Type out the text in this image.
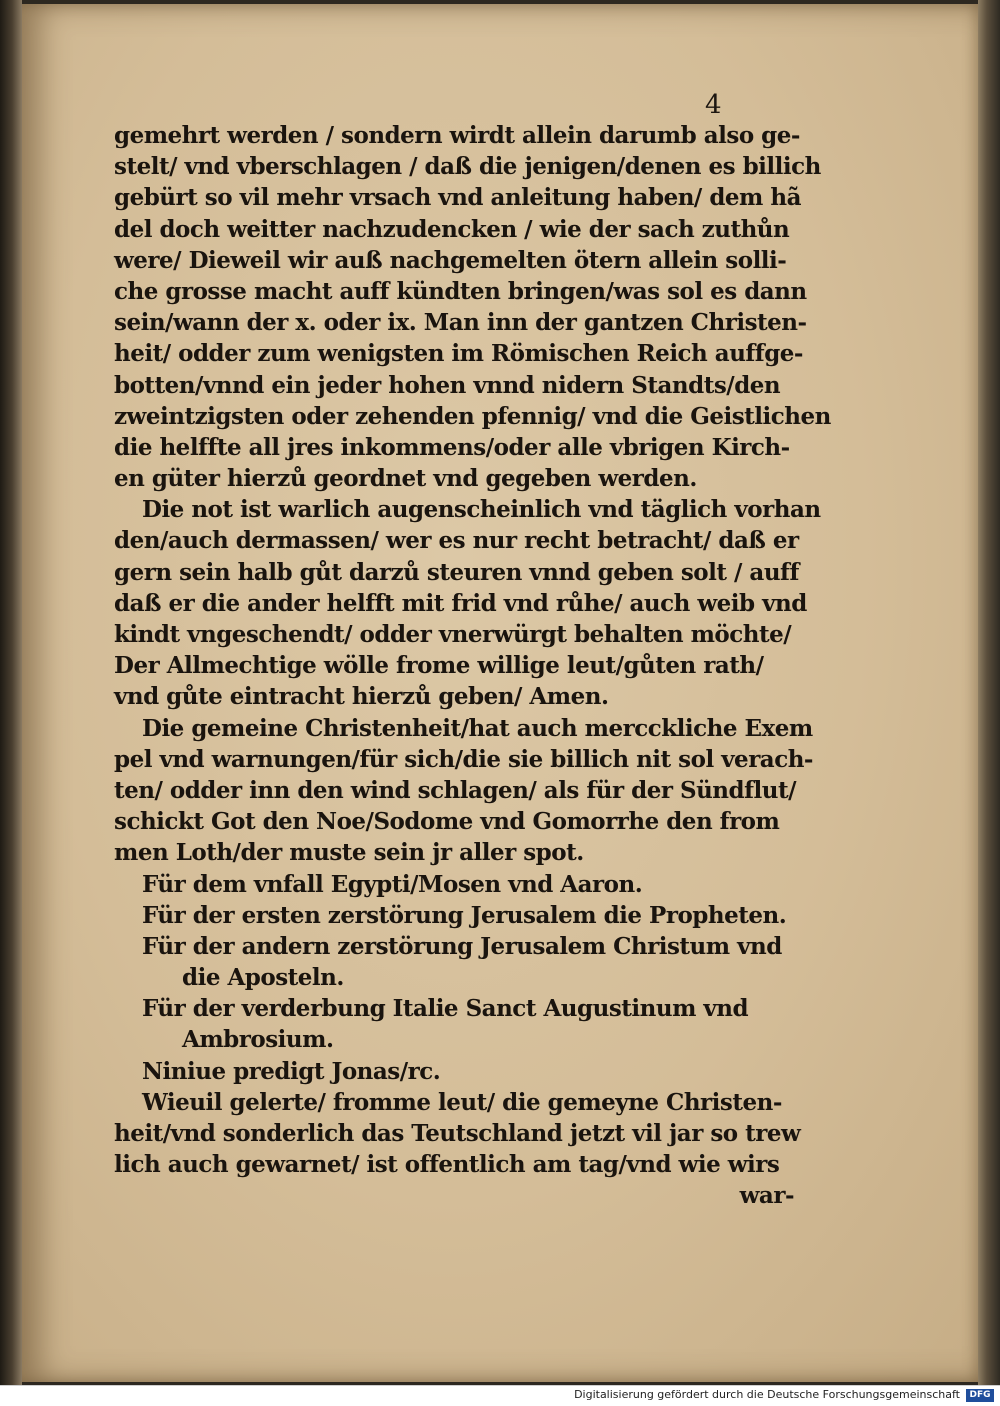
4
gemehrt werden / sondern wirdt allein darumb also ge-
stelt/ vnd vberschlagen / daß die jenigen/denen es billich
gebürt so vil mehr vrsach vnd anleitung haben/ dem hã
del doch weitter nachzudencken / wie der sach zuthůn
were/ Dieweil wir auß nachgemelten ötern allein solli-
che grosse macht auff kündten bringen/was sol es dann
sein/wann der x. oder ix. Man inn der gantzen Christen-
heit/ odder zum wenigsten im Römischen Reich auffge-
botten/vnnd ein jeder hohen vnnd nidern Standts/den
zweintzigsten oder zehenden pfennig/ vnd die Geistlichen
die helffte all jres inkommens/oder alle vbrigen Kirch-
en güter hierzů geordnet vnd gegeben werden.
Die not ist warlich augenscheinlich vnd täglich vorhan
den/auch dermassen/ wer es nur recht betracht/ daß er
gern sein halb gůt darzů steuren vnnd geben solt / auff
daß er die ander helfft mit frid vnd růhe/ auch weib vnd
kindt vngeschendt/ odder vnerwürgt behalten möchte/
Der Allmechtige wölle frome willige leut/gůten rath/
vnd gůte eintracht hierzů geben/ Amen.
Die gemeine Christenheit/hat auch mercckliche Exem
pel vnd warnungen/für sich/die sie billich nit sol verach-
ten/ odder inn den wind schlagen/ als für der Sündflut/
schickt Got den Noe/Sodome vnd Gomorrhe den from
men Loth/der muste sein jr aller spot.
Für dem vnfall Egypti/Mosen vnd Aaron.
Für der ersten zerstörung Jerusalem die Propheten.
Für der andern zerstörung Jerusalem Christum vnd
die Aposteln.
Für der verderbung Italie Sanct Augustinum vnd
Ambrosium.
Niniue predigt Jonas/rc.
Wieuil gelerte/ fromme leut/ die gemeyne Christen-
heit/vnd sonderlich das Teutschland jetzt vil jar so trew
lich auch gewarnet/ ist offentlich am tag/vnd wie wirs
war-
Digitalisierung gefördert durch die Deutsche Forschungsgemeinschaft	DFG
